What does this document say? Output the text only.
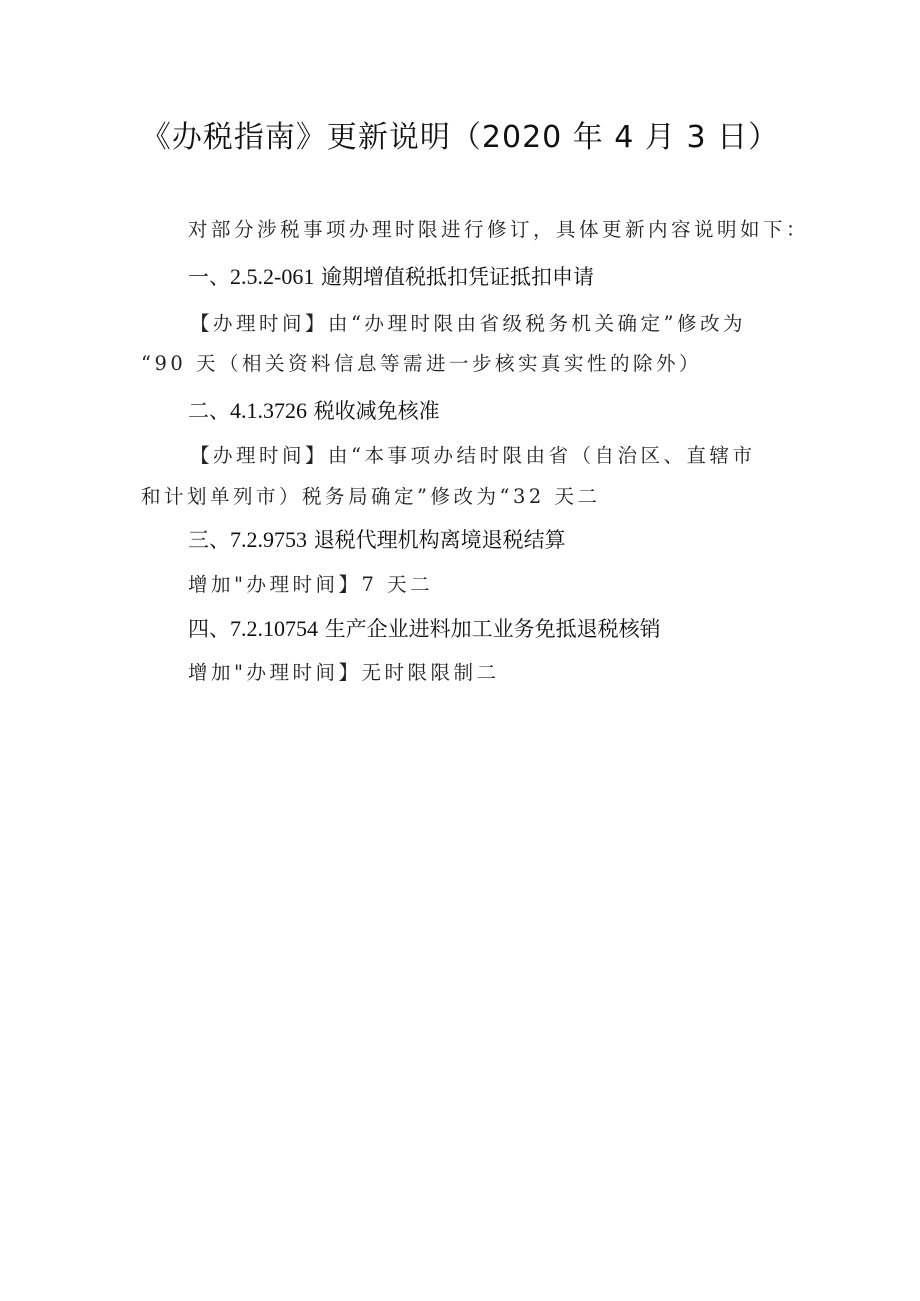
《办税指南》更新说明（2020 年 4 月 3 日）
对部分涉税事项办理时限进行修订，具体更新内容说明如下：
一、2.5.2-061 逾期增值税抵扣凭证抵扣申请
【办理时间】由“办理时限由省级税务机关确定”修改为
“90 天（相关资料信息等需进一步核实真实性的除外）
二、4.1.3726 税收减免核准
【办理时间】由“本事项办结时限由省（自治区、直辖市
和计划单列市）税务局确定”修改为“32 天二
三、7.2.9753 退税代理机构离境退税结算
增加"办理时间】7 天二
四、7.2.10754 生产企业进料加工业务免抵退税核销
增加"办理时间】无时限限制二
